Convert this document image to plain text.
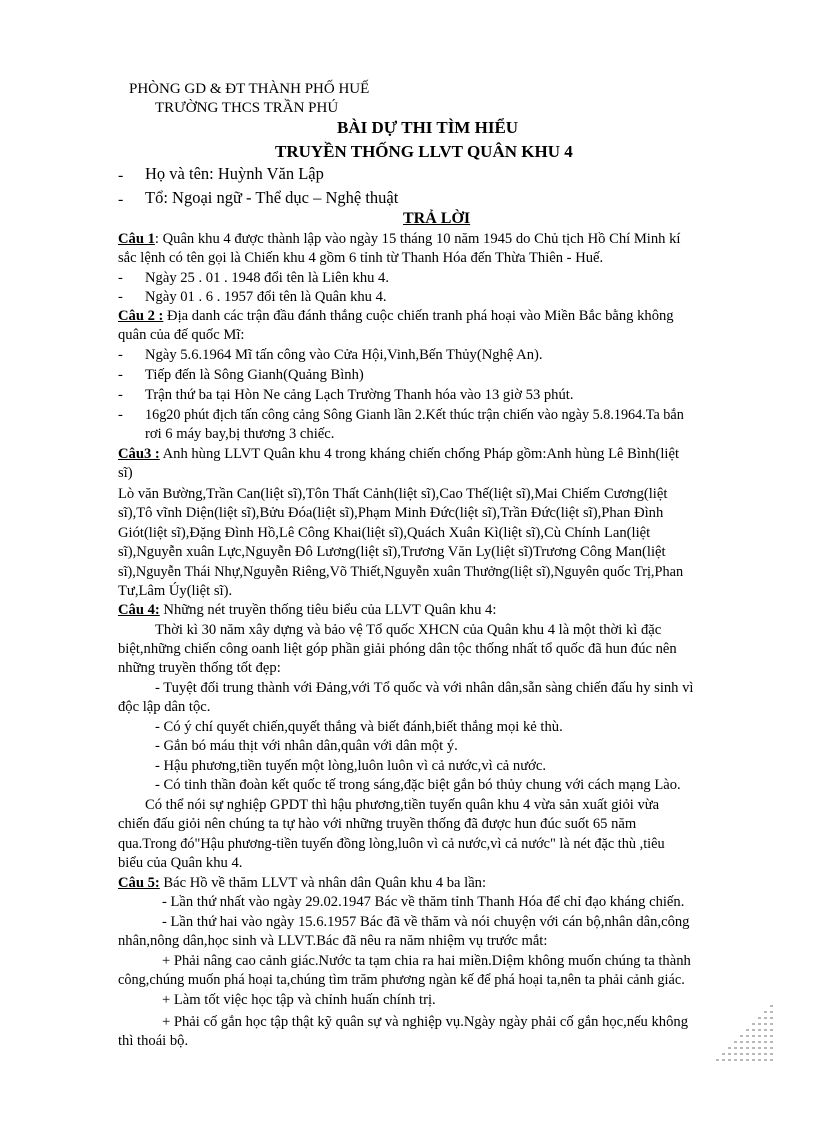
PHÒNG GD & ĐT THÀNH PHỐ HUẾ
TRƯỜNG THCS TRẦN PHÚ
BÀI DỰ THI TÌM HIỂU
TRUYỀN THỐNG LLVT QUÂN KHU 4
- Họ và tên: Huỳnh Văn Lập
- Tổ: Ngoại ngữ - Thể dục – Nghệ thuật
TRẢ LỜI
Câu 1: Quân khu 4 được thành lập vào ngày 15 tháng 10 năm 1945 do Chủ tịch Hồ Chí Minh kí
sắc lệnh có tên gọi là Chiến khu 4 gồm 6 tỉnh từ Thanh Hóa đến Thừa Thiên - Huế.
- Ngày 25 . 01 . 1948 đổi tên là Liên khu 4.
- Ngày 01 . 6 . 1957 đổi tên là Quân khu 4.
Câu 2 : Địa danh các trận đầu đánh thắng cuộc chiến tranh phá hoại vào Miền Bắc bằng không
quân của đế quốc Mĩ:
- Ngày 5.6.1964 Mĩ tấn công vào Cửa Hội,Vinh,Bến Thủy(Nghệ An).
- Tiếp đến là Sông Gianh(Quảng Bình)
- Trận thứ ba tại Hòn Ne cảng Lạch Trường Thanh hóa vào 13 giờ 53 phút.
- 16g20 phút địch tấn công cảng Sông Gianh lần 2.Kết thúc trận chiến vào ngày 5.8.1964.Ta bắn
rơi 6 máy bay,bị thương 3 chiếc.
Câu3 : Anh hùng LLVT Quân khu 4 trong kháng chiến chống Pháp gồm:Anh hùng Lê Bình(liệt
sĩ)
Lò văn Bường,Trần Can(liệt sĩ),Tôn Thất Cảnh(liệt sĩ),Cao Thế(liệt sĩ),Mai Chiếm Cương(liệt
sĩ),Tô vĩnh Diện(liệt sĩ),Bửu Đóa(liệt sĩ),Phạm Minh Đức(liệt sĩ),Trần Đức(liệt sĩ),Phan Đình
Giót(liệt sĩ),Đặng Đình Hồ,Lê Công Khai(liệt sĩ),Quách Xuân Kì(liệt sĩ),Cù Chính Lan(liệt
sĩ),Nguyễn xuân Lực,Nguyễn Đô Lương(liệt sĩ),Trương Văn Ly(liệt sĩ)Trương Công Man(liệt
sĩ),Nguyễn Thái Nhự,Nguyễn Riêng,Võ Thiết,Nguyễn xuân Thưởng(liệt sĩ),Nguyên quốc Trị,Phan
Tư,Lâm Úy(liệt sĩ).
Câu 4: Những nét truyền thống tiêu biểu của LLVT Quân khu 4:
Thời kì 30 năm xây dựng và bảo vệ Tổ quốc XHCN của Quân khu 4 là một thời kì đặc
biệt,những chiến công oanh liệt góp phần giải phóng dân tộc thống nhất tổ quốc đã hun đúc nên
những truyền thống tốt đẹp:
- Tuyệt đối trung thành với Đảng,với Tổ quốc và với nhân dân,sẵn sàng chiến đấu hy sinh vì
độc lập dân tộc.
- Có ý chí quyết chiến,quyết thắng và biết đánh,biết thắng mọi kẻ thù.
- Gắn bó máu thịt với nhân dân,quân với dân một ý.
- Hậu phương,tiền tuyến một lòng,luôn luôn vì cả nước,vì cả nước.
- Có tinh thần đoàn kết quốc tế trong sáng,đặc biệt gắn bó thủy chung với cách mạng Lào.
Có thể nói sự nghiệp GPDT thì hậu phương,tiền tuyến quân khu 4 vừa sản xuất giỏi vừa
chiến đấu giỏi nên chúng ta tự hào với những truyền thống đã được hun đúc suốt 65 năm
qua.Trong đó"Hậu phương-tiền tuyến đồng lòng,luôn vì cả nước,vì cả nước" là nét đặc thù ,tiêu
biểu của Quân khu 4.
Câu 5: Bác Hồ về thăm LLVT và nhân dân Quân khu 4 ba lần:
- Lần thứ nhất vào ngày 29.02.1947 Bác về thăm tỉnh Thanh Hóa để chỉ đạo kháng chiến.
- Lần thứ hai vào ngày 15.6.1957 Bác đã về thăm và nói chuyện với cán bộ,nhân dân,công
nhân,nông dân,học sinh và LLVT.Bác đã nêu ra năm nhiệm vụ trước mắt:
+ Phải nâng cao cảnh giác.Nước ta tạm chia ra hai miền.Diệm không muốn chúng ta thành
công,chúng muốn phá hoại ta,chúng tìm trăm phương ngàn kế để phá hoại ta,nên ta phải cảnh giác.
+ Làm tốt việc học tập và chỉnh huấn chính trị.
+ Phải cố gắn học tập thật kỹ quân sự và nghiệp vụ.Ngày ngày phải cố gắn học,nếu không
thì thoái bộ.
